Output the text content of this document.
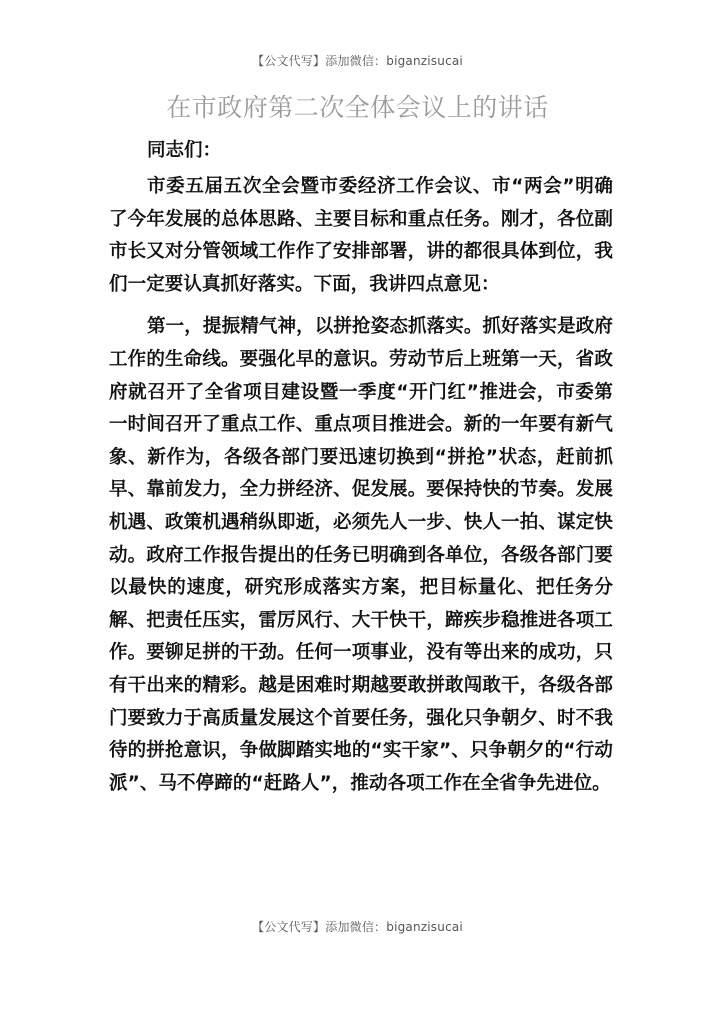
【公文代写】添加微信：biganzisucai
在市政府第二次全体会议上的讲话

同志们：

市委五届五次全会暨市委经济工作会议、市“两会”明确了今年发展的总体思路、主要目标和重点任务。刚才，各位副市长又对分管领域工作作了安排部署，讲的都很具体到位，我们一定要认真抓好落实。下面，我讲四点意见：

第一，提振精气神，以拼抢姿态抓落实。抓好落实是政府工作的生命线。要强化早的意识。劳动节后上班第一天，省政府就召开了全省项目建设暨一季度“开门红”推进会，市委第一时间召开了重点工作、重点项目推进会。新的一年要有新气象、新作为，各级各部门要迅速切换到“拼抢”状态，赶前抓早、靠前发力，全力拼经济、促发展。要保持快的节奏。发展机遇、政策机遇稍纵即逝，必须先人一步、快人一拍、谋定快动。政府工作报告提出的任务已明确到各单位，各级各部门要以最快的速度，研究形成落实方案，把目标量化、把任务分解、把责任压实，雷厉风行、大干快干，蹄疾步稳推进各项工作。要铆足拼的干劲。任何一项事业，没有等出来的成功，只有干出来的精彩。越是困难时期越要敢拼敢闯敢干，各级各部门要致力于高质量发展这个首要任务，强化只争朝夕、时不我待的拼抢意识，争做脚踏实地的“实干家”、只争朝夕的“行动派”、马不停蹄的“赶路人”，推动各项工作在全省争先进位。

【公文代写】添加微信：biganzisucai
